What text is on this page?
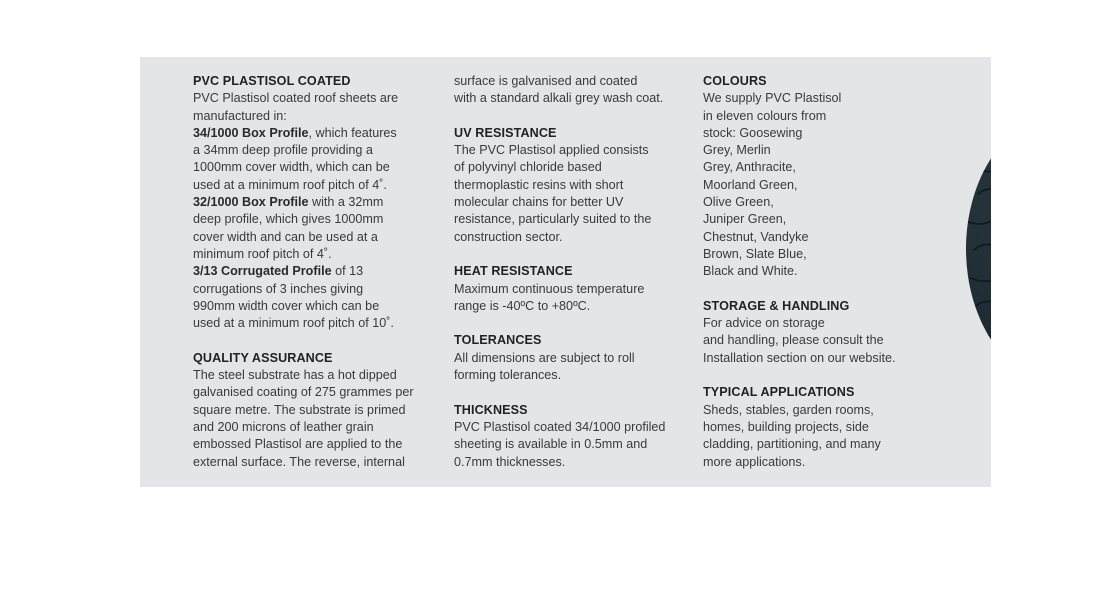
PVC PLASTISOL COATED
PVC Plastisol coated roof sheets are
manufactured in:
34/1000 Box Profile, which features
a 34mm deep profile providing a
1000mm cover width, which can be
used at a minimum roof pitch of 4˚.
32/1000 Box Profile with a 32mm
deep profile, which gives 1000mm
cover width and can be used at a
minimum roof pitch of 4˚.
3/13 Corrugated Profile of 13
corrugations of 3 inches giving
990mm width cover which can be
used at a minimum roof pitch of 10˚.
QUALITY ASSURANCE
The steel substrate has a hot dipped
galvanised coating of 275 grammes per
square metre. The substrate is primed
and 200 microns of leather grain
embossed Plastisol are applied to the
external surface. The reverse, internal
surface is galvanised and coated
with a standard alkali grey wash coat.
UV RESISTANCE
The PVC Plastisol applied consists
of polyvinyl chloride based
thermoplastic resins with short
molecular chains for better UV
resistance, particularly suited to the
construction sector.
HEAT RESISTANCE
Maximum continuous temperature
range is -40ºC to +80ºC.
TOLERANCES
All dimensions are subject to roll
forming tolerances.
THICKNESS
PVC Plastisol coated 34/1000 profiled
sheeting is available in 0.5mm and
0.7mm thicknesses.
COLOURS
We supply PVC Plastisol
in eleven colours from
stock: Goosewing
Grey, Merlin
Grey, Anthracite,
Moorland Green,
Olive Green,
Juniper Green,
Chestnut, Vandyke
Brown, Slate Blue,
Black and White.
STORAGE & HANDLING
For advice on storage
and handling, please consult the
Installation section on our website.
TYPICAL APPLICATIONS
Sheds, stables, garden rooms,
homes, building projects, side
cladding, partitioning, and many
more applications.
